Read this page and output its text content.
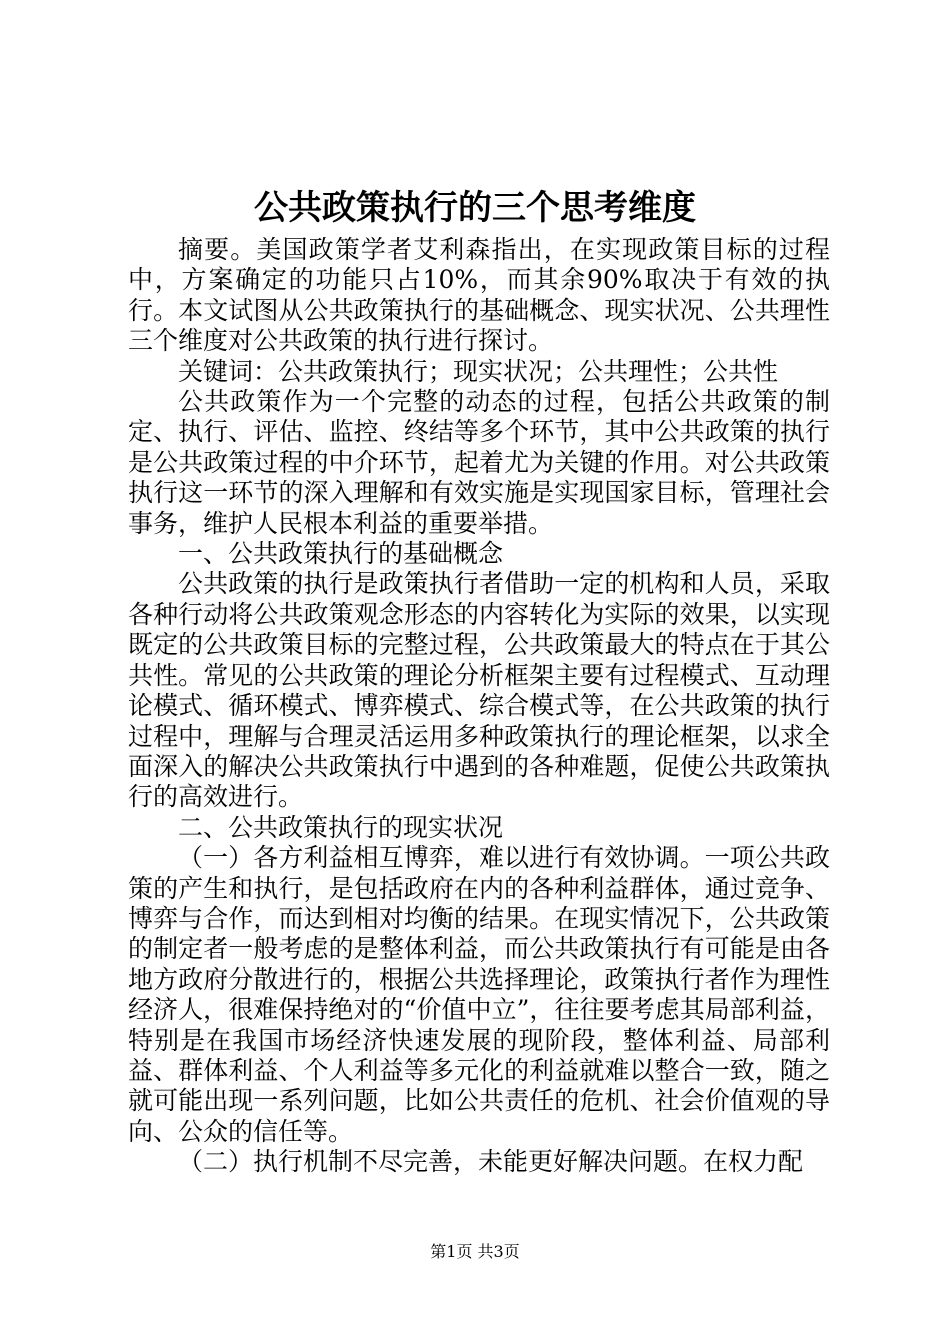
公共政策执行的三个思考维度

摘要。美国政策学者艾利森指出，在实现政策目标的过程中，方案确定的功能只占10%，而其余90%取决于有效的执行。本文试图从公共政策执行的基础概念、现实状况、公共理性三个维度对公共政策的执行进行探讨。

关键词：公共政策执行；现实状况；公共理性；公共性

公共政策作为一个完整的动态的过程，包括公共政策的制定、执行、评估、监控、终结等多个环节，其中公共政策的执行是公共政策过程的中介环节，起着尤为关键的作用。对公共政策执行这一环节的深入理解和有效实施是实现国家目标，管理社会事务，维护人民根本利益的重要举措。

一、公共政策执行的基础概念

公共政策的执行是政策执行者借助一定的机构和人员，采取各种行动将公共政策观念形态的内容转化为实际的效果，以实现既定的公共政策目标的完整过程，公共政策最大的特点在于其公共性。常见的公共政策的理论分析框架主要有过程模式、互动理论模式、循环模式、博弈模式、综合模式等，在公共政策的执行过程中，理解与合理灵活运用多种政策执行的理论框架，以求全面深入的解决公共政策执行中遇到的各种难题，促使公共政策执行的高效进行。

二、公共政策执行的现实状况

（一）各方利益相互博弈，难以进行有效协调。一项公共政策的产生和执行，是包括政府在内的各种利益群体，通过竞争、博弈与合作，而达到相对均衡的结果。在现实情况下，公共政策的制定者一般考虑的是整体利益，而公共政策执行有可能是由各地方政府分散进行的，根据公共选择理论，政策执行者作为理性经济人，很难保持绝对的“价值中立”，往往要考虑其局部利益，特别是在我国市场经济快速发展的现阶段，整体利益、局部利益、群体利益、个人利益等多元化的利益就难以整合一致，随之就可能出现一系列问题，比如公共责任的危机、社会价值观的导向、公众的信任等。

（二）执行机制不尽完善，未能更好解决问题。在权力配

第1页 共3页
